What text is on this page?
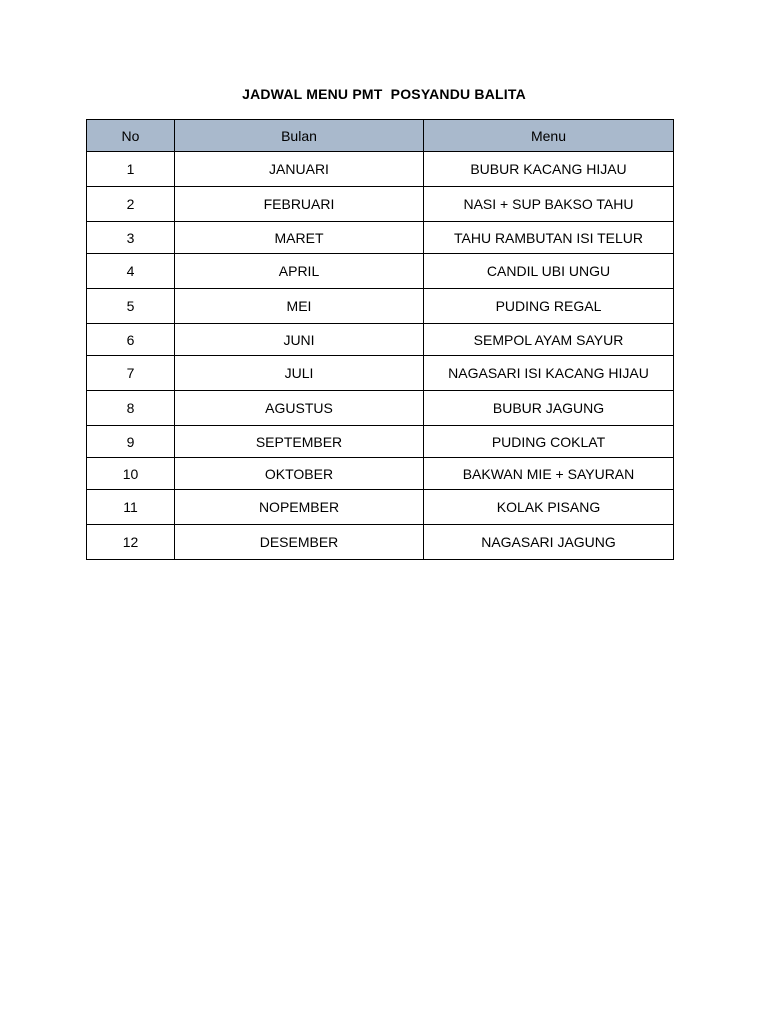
JADWAL MENU PMT  POSYANDU BALITA
No	Bulan	Menu
1	JANUARI	BUBUR KACANG HIJAU
2	FEBRUARI	NASI + SUP BAKSO TAHU
3	MARET	TAHU RAMBUTAN ISI TELUR
4	APRIL	CANDIL UBI UNGU
5	MEI	PUDING REGAL
6	JUNI	SEMPOL AYAM SAYUR
7	JULI	NAGASARI ISI KACANG HIJAU
8	AGUSTUS	BUBUR JAGUNG
9	SEPTEMBER	PUDING COKLAT
10	OKTOBER	BAKWAN MIE + SAYURAN
11	NOPEMBER	KOLAK PISANG
12	DESEMBER	NAGASARI JAGUNG
